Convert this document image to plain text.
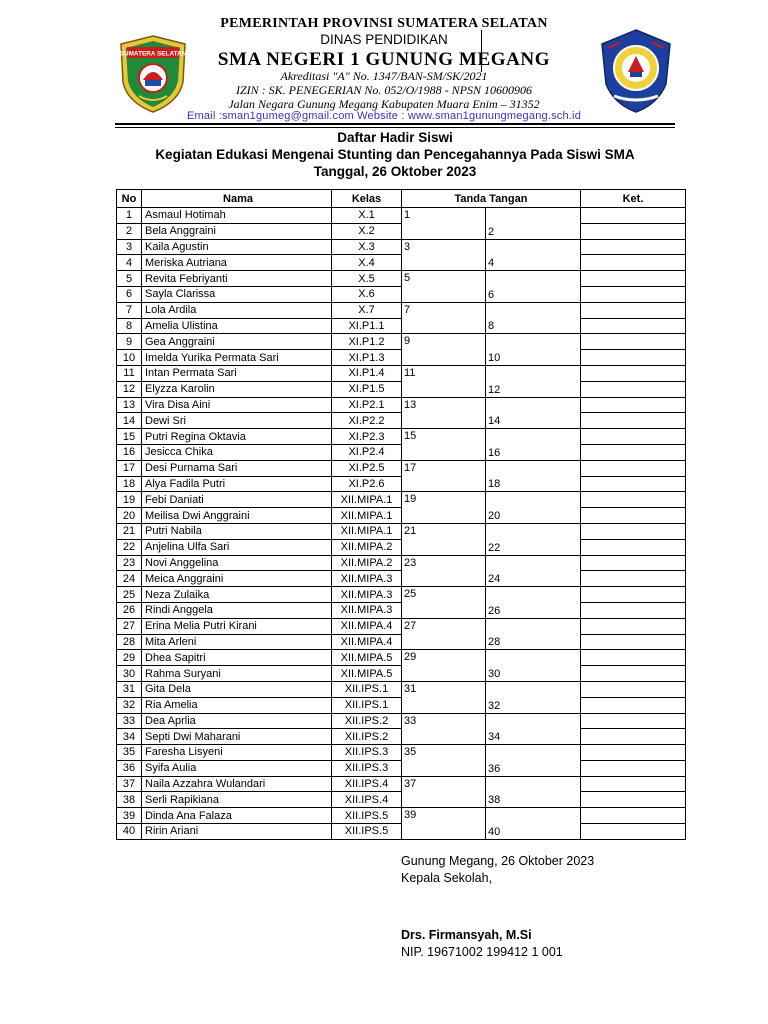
SUMATERA SELATAN
PEMERINTAH PROVINSI SUMATERA SELATAN
DINAS PENDIDIKAN
SMA NEGERI 1 GUNUNG MEGANG
Akreditasi "A" No. 1347/BAN-SM/SK/2021
IZIN : SK. PENEGERIAN No. 052/O/1988 - NPSN 10600906
Jalan Negara Gunung Megang Kabupaten Muara Enim – 31352
Email :sman1gumeg@gmail.com Website : www.sman1gunungmegang.sch.id
Daftar Hadir Siswi
Kegiatan Edukasi Mengenai Stunting dan Pencegahannya Pada Siswi SMA
Tanggal, 26 Oktober 2023
No	Nama	Kelas	Tanda Tangan		Ket.
1	Asmaul Hotimah	X.1	1		
2	Bela Anggraini	X.2		2	
3	Kaila Agustin	X.3	3		
4	Meriska Autriana	X.4		4	
5	Revita Febriyanti	X.5	5		
6	Sayla Clarissa	X.6		6	
7	Lola Ardila	X.7	7		
8	Amelia Ulistina	XI.P1.1		8	
9	Gea Anggraini	XI.P1.2	9		
10	Imelda Yurika Permata Sari	XI.P1.3		10	
11	Intan Permata Sari	XI.P1.4	11		
12	Elyzza Karolin	XI.P1.5		12	
13	Vira Disa Aini	XI.P2.1	13		
14	Dewi Sri	XI.P2.2		14	
15	Putri Regina Oktavia	XI.P2.3	15		
16	Jesicca Chika	XI.P2.4		16	
17	Desi Purnama Sari	XI.P2.5	17		
18	Alya Fadila Putri	XI.P2.6		18	
19	Febi Daniati	XII.MIPA.1	19		
20	Meilisa Dwi Anggraini	XII.MIPA.1		20	
21	Putri Nabila	XII.MIPA.1	21		
22	Anjelina Ulfa Sari	XII.MIPA.2		22	
23	Novi Anggelina	XII.MIPA.2	23		
24	Meica Anggraini	XII.MIPA.3		24	
25	Neza Zulaika	XII.MIPA.3	25		
26	Rindi Anggela	XII.MIPA.3		26	
27	Erina Melia Putri Kirani	XII.MIPA.4	27		
28	Mita Arleni	XII.MIPA.4		28	
29	Dhea Sapitri	XII.MIPA.5	29		
30	Rahma Suryani	XII.MIPA.5		30	
31	Gita Dela	XII.IPS.1	31		
32	Ria Amelia	XII.IPS.1		32	
33	Dea Aprlia	XII.IPS.2	33		
34	Septi Dwi Maharani	XII.IPS.2		34	
35	Faresha Lisyeni	XII.IPS.3	35		
36	Syifa Aulia	XII.IPS.3		36	
37	Naila Azzahra Wulandari	XII.IPS.4	37		
38	Serli Rapikiana	XII.IPS.4		38	
39	Dinda Ana Falaza	XII.IPS.5	39		
40	Ririn Ariani	XII.IPS.5		40	
Gunung Megang, 26 Oktober 2023
Kepala Sekolah,
Drs. Firmansyah, M.Si
NIP. 19671002 199412 1 001
